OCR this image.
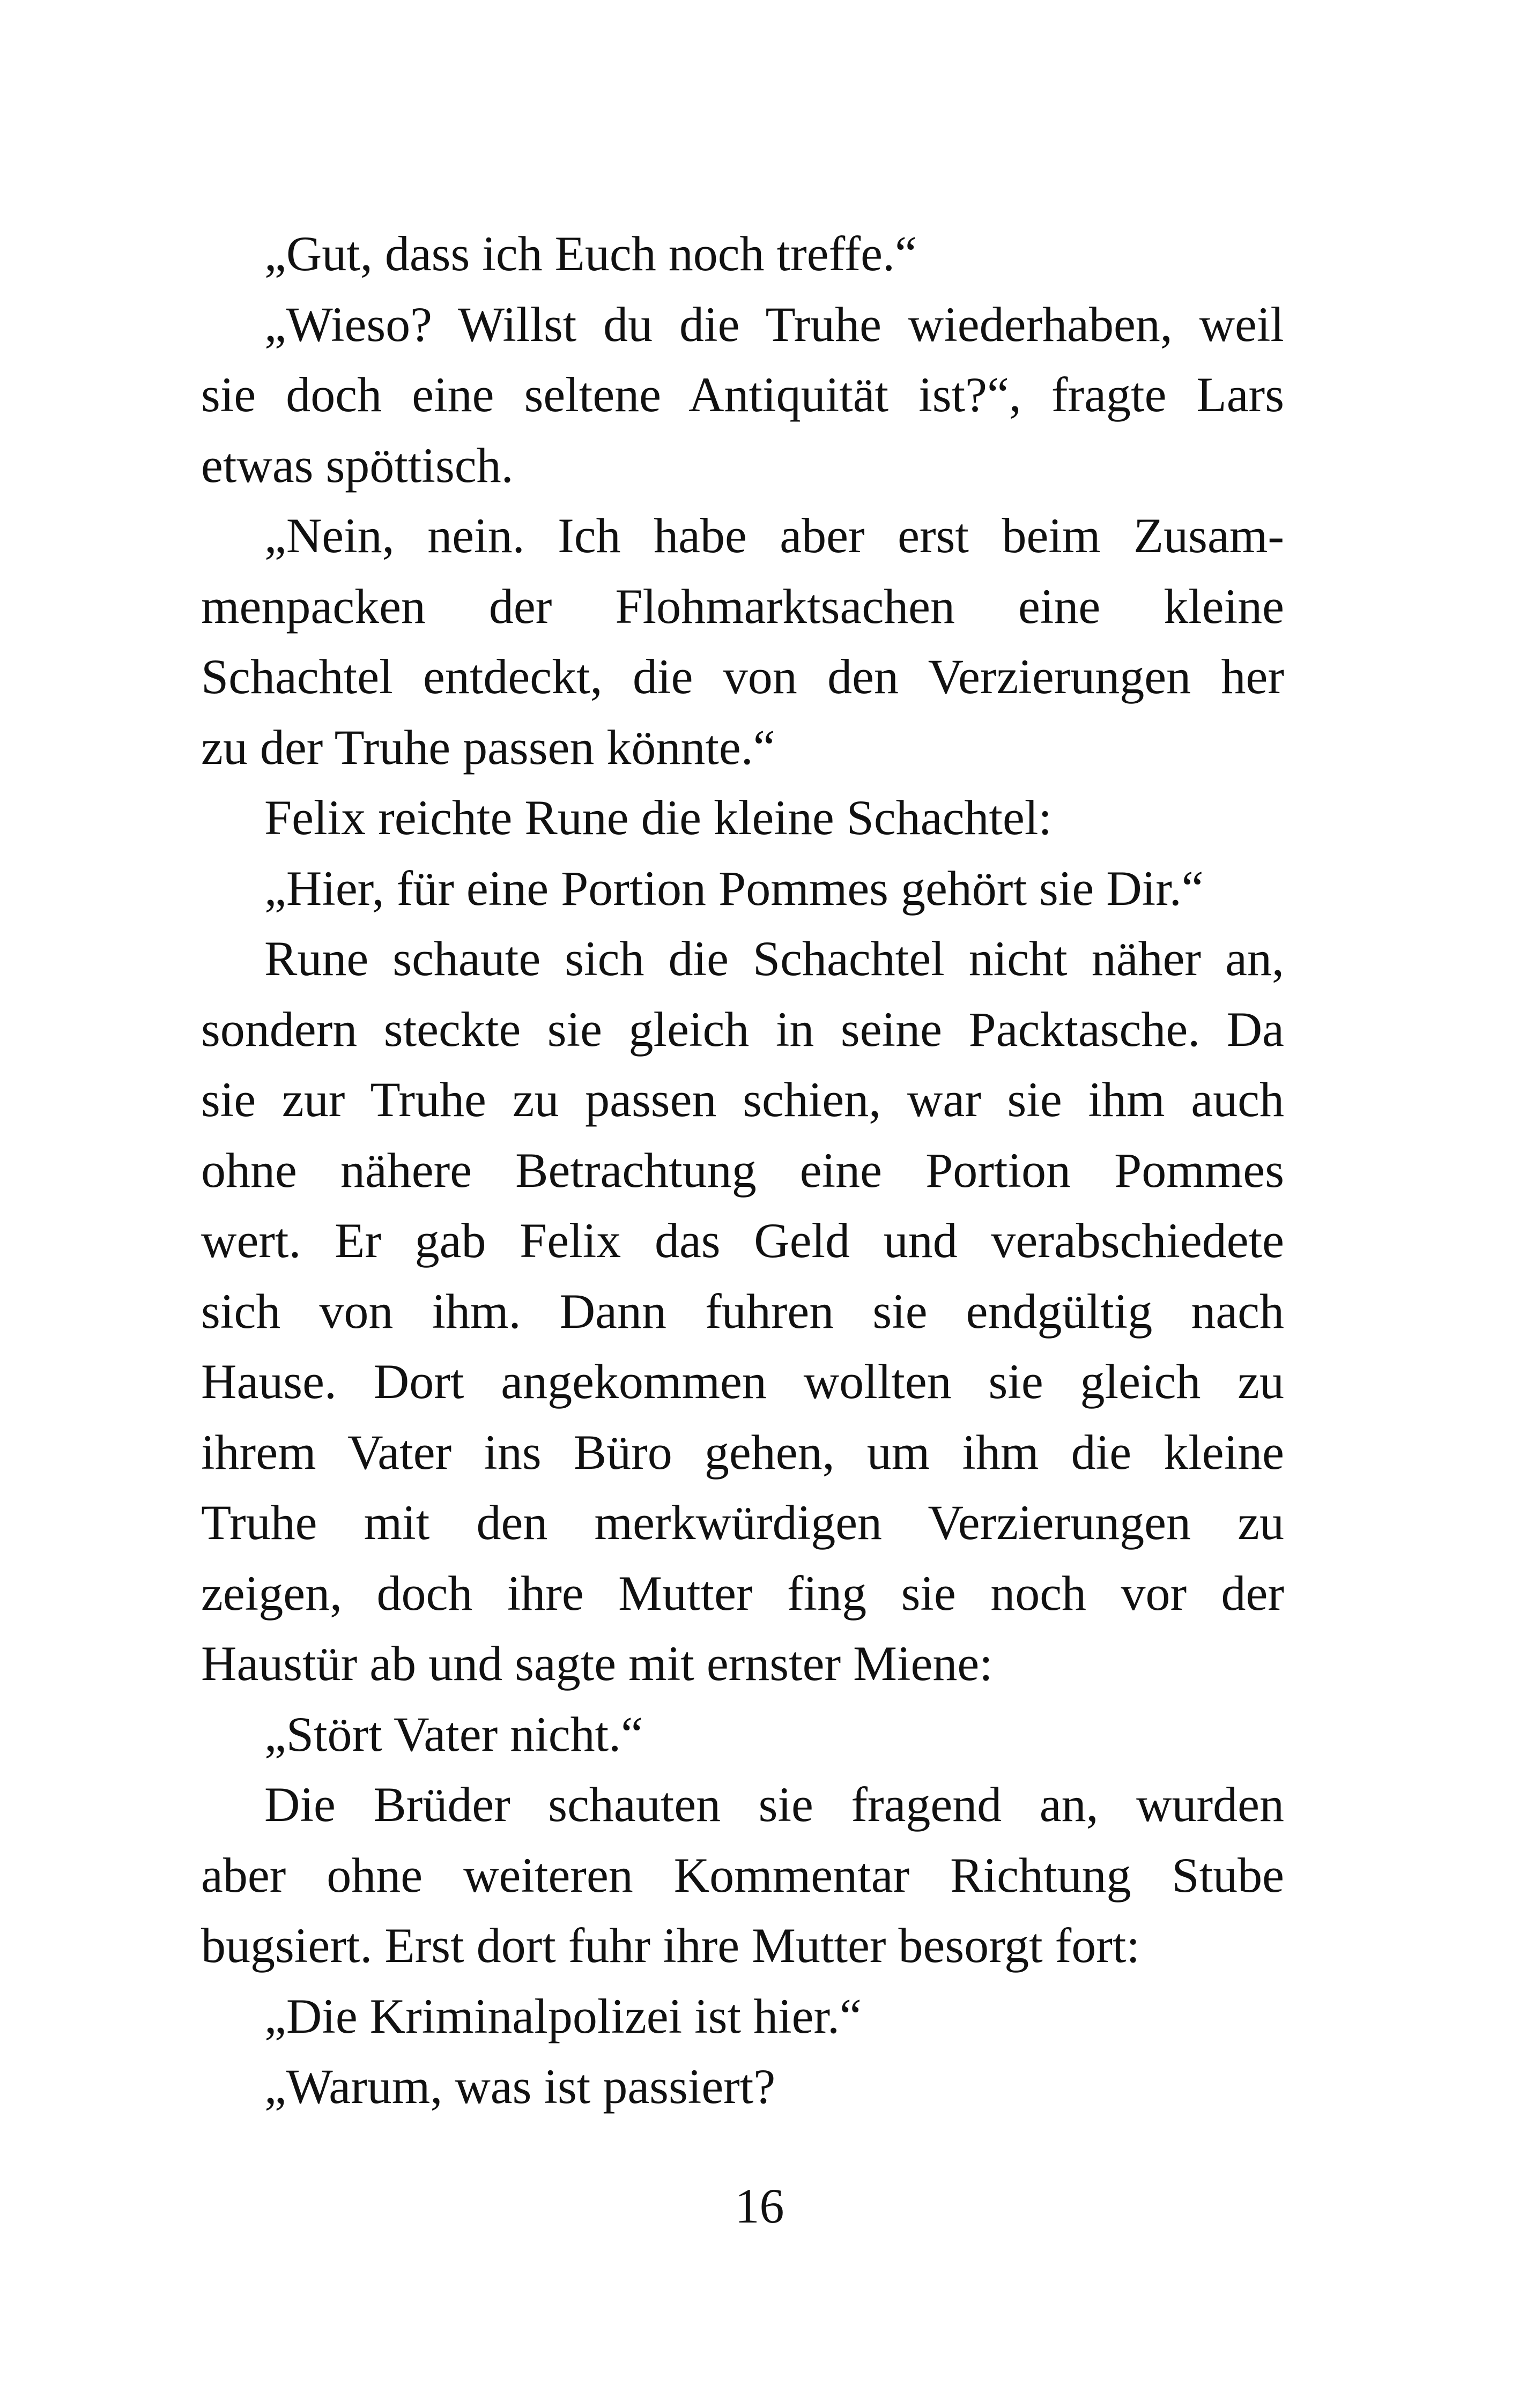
„Gut, dass ich Euch noch treffe.“
„Wieso? Willst du die Truhe wiederhaben, weil
sie doch eine seltene Antiquität ist?“, fragte Lars
etwas spöttisch.
„Nein, nein. Ich habe aber erst beim Zusam-
menpacken der Flohmarktsachen eine kleine
Schachtel entdeckt, die von den Verzierungen her
zu der Truhe passen könnte.“
Felix reichte Rune die kleine Schachtel:
„Hier, für eine Portion Pommes gehört sie Dir.“
Rune schaute sich die Schachtel nicht näher an,
sondern steckte sie gleich in seine Packtasche. Da
sie zur Truhe zu passen schien, war sie ihm auch
ohne nähere Betrachtung eine Portion Pommes
wert. Er gab Felix das Geld und verabschiedete
sich von ihm. Dann fuhren sie endgültig nach
Hause. Dort angekommen wollten sie gleich zu
ihrem Vater ins Büro gehen, um ihm die kleine
Truhe mit den merkwürdigen Verzierungen zu
zeigen, doch ihre Mutter fing sie noch vor der
Haustür ab und sagte mit ernster Miene:
„Stört Vater nicht.“
Die Brüder schauten sie fragend an, wurden
aber ohne weiteren Kommentar Richtung Stube
bugsiert. Erst dort fuhr ihre Mutter besorgt fort:
„Die Kriminalpolizei ist hier.“
„Warum, was ist passiert?
16
